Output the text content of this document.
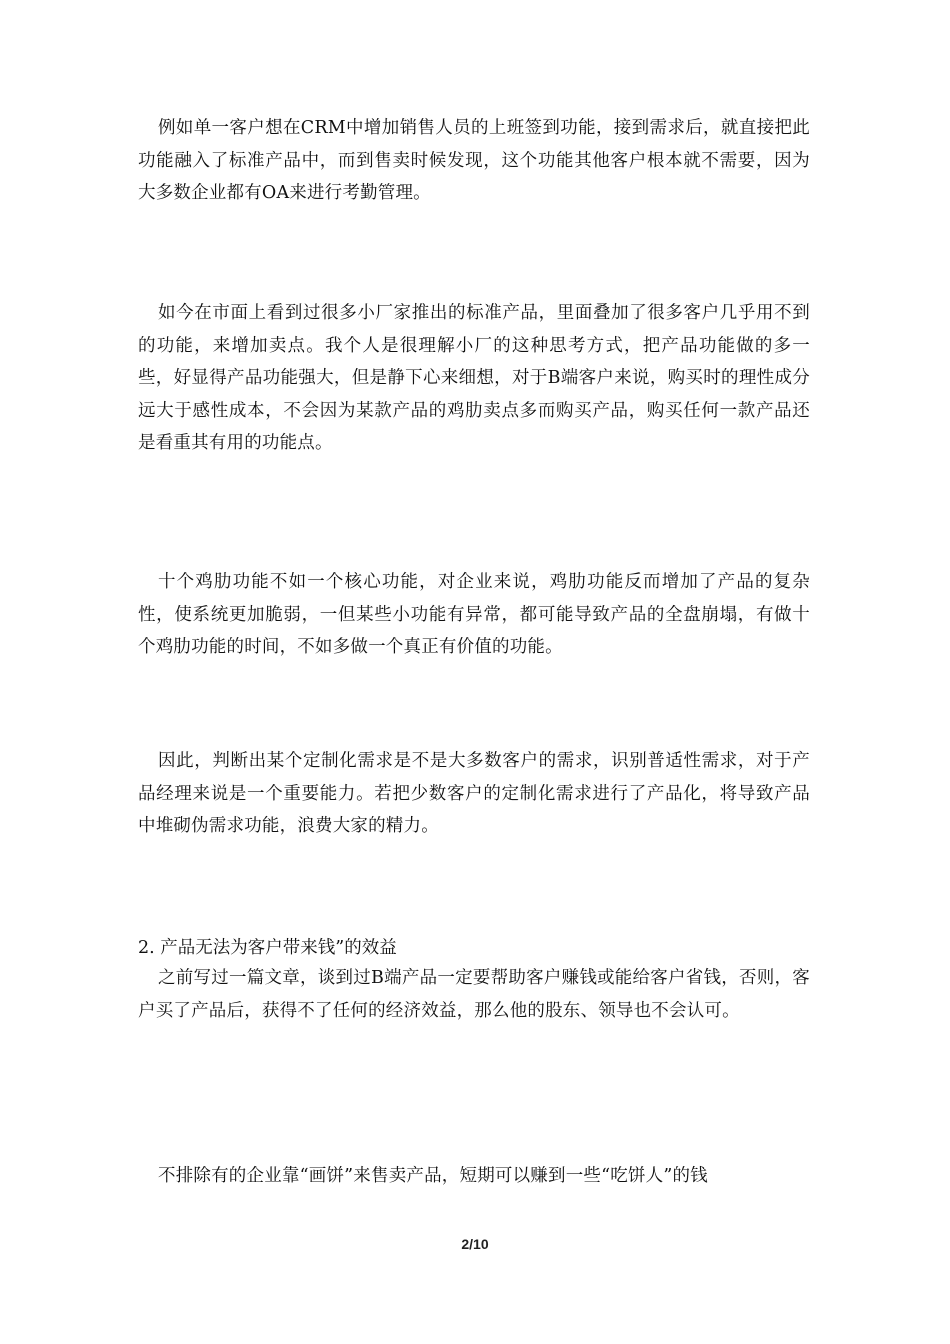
例如单一客户想在CRM中增加销售人员的上班签到功能，接到需求后，就直接把此功能融入了标准产品中，而到售卖时候发现，这个功能其他客户根本就不需要，因为大多数企业都有OA来进行考勤管理。

如今在市面上看到过很多小厂家推出的标准产品，里面叠加了很多客户几乎用不到的功能，来增加卖点。我个人是很理解小厂的这种思考方式，把产品功能做的多一些，好显得产品功能强大，但是静下心来细想，对于B端客户来说，购买时的理性成分远大于感性成本，不会因为某款产品的鸡肋卖点多而购买产品，购买任何一款产品还是看重其有用的功能点。

十个鸡肋功能不如一个核心功能，对企业来说，鸡肋功能反而增加了产品的复杂性，使系统更加脆弱，一但某些小功能有异常，都可能导致产品的全盘崩塌，有做十个鸡肋功能的时间，不如多做一个真正有价值的功能。

因此，判断出某个定制化需求是不是大多数客户的需求，识别普适性需求，对于产品经理来说是一个重要能力。若把少数客户的定制化需求进行了产品化，将导致产品中堆砌伪需求功能，浪费大家的精力。

2. 产品无法为客户带来钱”的效益

之前写过一篇文章，谈到过B端产品一定要帮助客户赚钱或能给客户省钱，否则，客户买了产品后，获得不了任何的经济效益，那么他的股东、领导也不会认可。

不排除有的企业靠“画饼”来售卖产品，短期可以赚到一些“吃饼人”的钱

2/10
